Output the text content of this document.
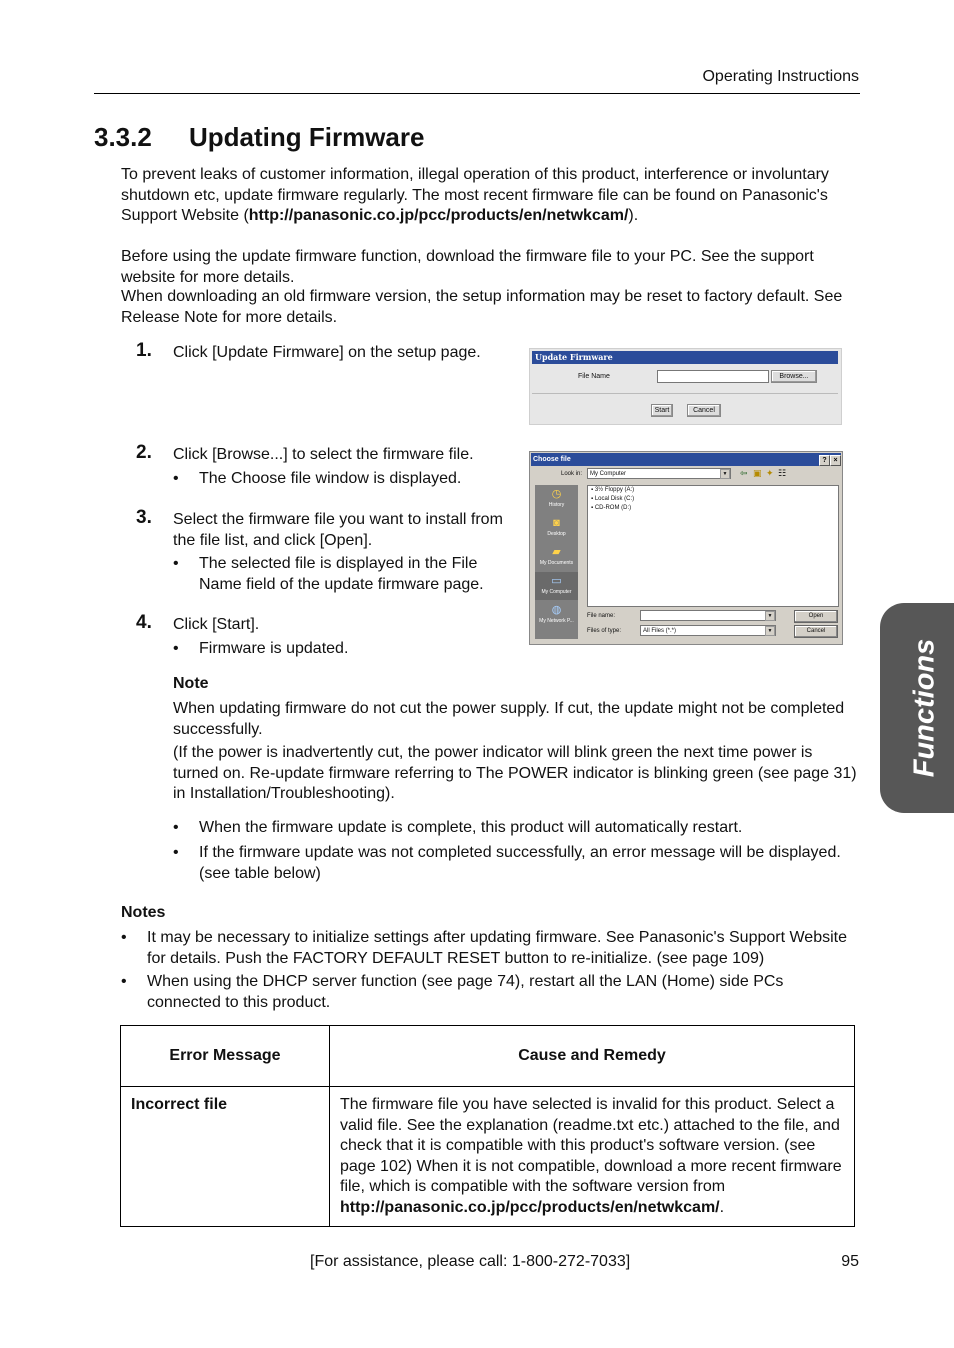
Operating Instructions
3.3.2 Updating Firmware
To prevent leaks of customer information, illegal operation of this product, interference or involuntary shutdown etc, update firmware regularly. The most recent firmware file can be found on Panasonic's Support Website (http://panasonic.co.jp/pcc/products/en/netwkcam/).
Before using the update firmware function, download the firmware file to your PC. See the support website for more details.
When downloading an old firmware version, the setup information may be reset to factory default. See Release Note for more details.
1. Click [Update Firmware] on the setup page.
2. Click [Browse...] to select the firmware file.
• The Choose file window is displayed.
3. Select the firmware file you want to install from
the file list, and click [Open].
• The selected file is displayed in the File
Name field of the update firmware page.
4. Click [Start].
• Firmware is updated.
Update Firmware
File Name	Browse...
Start	Cancel
Choose file	? ×
Look in:	My Computer	▼ ⇦ ▣ ✦ ☷
◷
History
◙
Desktop
▰
My Documents
▭
My Computer
◍
My Network P...
▪ 3½ Floppy (A:)
▪ Local Disk (C:)
▪ CD-ROM (D:)
File name:	▼
Files of type:	All Files (*.*)	▼
Open
Cancel
Note
When updating firmware do not cut the power supply. If cut, the update might not be completed successfully.
(If the power is inadvertently cut, the power indicator will blink green the next time power is turned on. Re-update firmware referring to The POWER indicator is blinking green (see page 31) in Installation/Troubleshooting).
• When the firmware update is complete, this product will automatically restart.
• If the firmware update was not completed successfully, an error message will be displayed. (see table below)
Notes
• It may be necessary to initialize settings after updating firmware. See Panasonic's Support Website for details. Push the FACTORY DEFAULT RESET button to re-initialize. (see page 109)
• When using the DHCP server function (see page 74), restart all the LAN (Home) side PCs connected to this product.
Error Message	Cause and Remedy
Incorrect file	The firmware file you have selected is invalid for this product. Select a valid file. See the explanation (readme.txt etc.) attached to the file, and check that it is compatible with this product's software version. (see page 102) When it is not compatible, download a more recent firmware file, which is compatible with the software version from http://panasonic.co.jp/pcc/products/en/netwkcam/.
Functions
[For assistance, please call: 1-800-272-7033]	95
